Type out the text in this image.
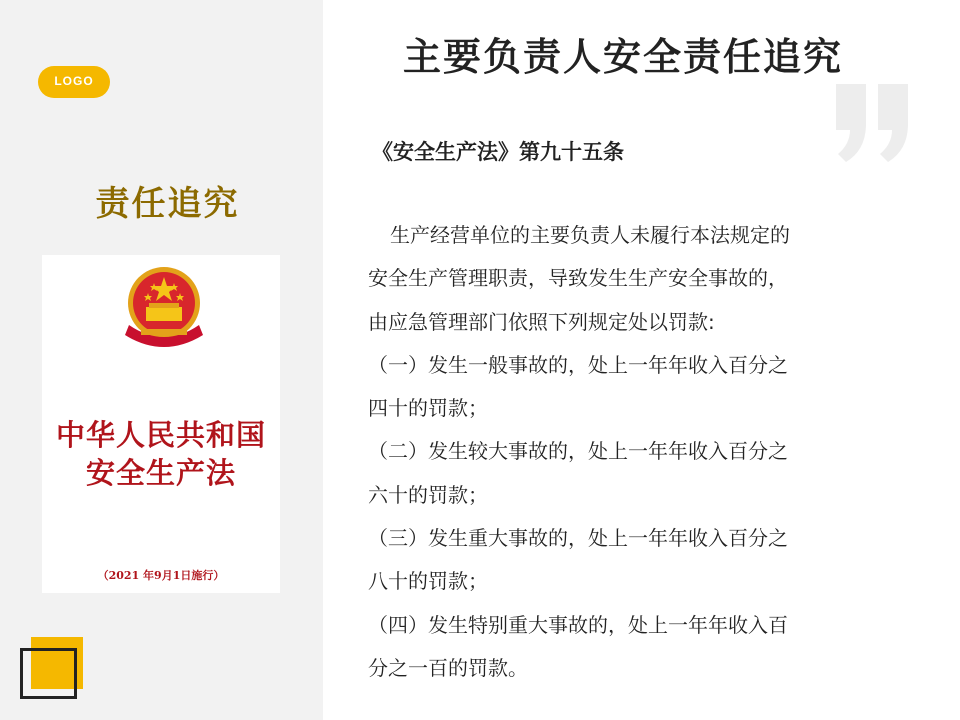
LOGO
责任追究
中华人民共和国
安全生产法
（2021 年9月1日施行）
主要负责人安全责任追究
《安全生产法》第九十五条
生产经营单位的主要负责人未履行本法规定的
安全生产管理职责，导致发生生产安全事故的，
由应急管理部门依照下列规定处以罚款:
（一）发生一般事故的，处上一年年收入百分之
四十的罚款；
（二）发生较大事故的，处上一年年收入百分之
六十的罚款；
（三）发生重大事故的，处上一年年收入百分之
八十的罚款；
（四）发生特别重大事故的，处上一年年收入百
分之一百的罚款。
